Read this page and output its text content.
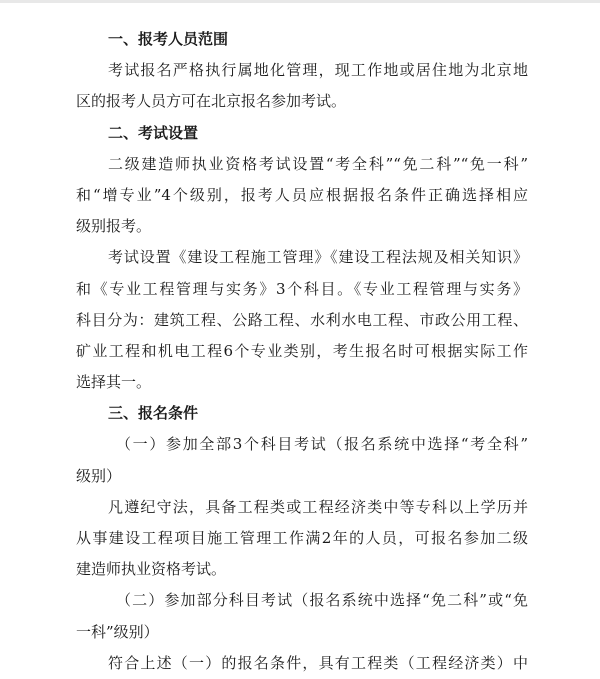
一、报考人员范围
考试报名严格执行属地化管理，现工作地或居住地为北京地
区的报考人员方可在北京报名参加考试。
二、考试设置
二级建造师执业资格考试设置“考全科”“免二科”“免一科”
和“增专业”4个级别，报考人员应根据报名条件正确选择相应
级别报考。
考试设置《建设工程施工管理》《建设工程法规及相关知识》
和《专业工程管理与实务》3个科目。《专业工程管理与实务》
科目分为：建筑工程、公路工程、水利水电工程、市政公用工程、
矿业工程和机电工程6个专业类别，考生报名时可根据实际工作
选择其一。
三、报名条件
（一）参加全部3个科目考试（报名系统中选择“考全科”
级别）
凡遵纪守法，具备工程类或工程经济类中等专科以上学历并
从事建设工程项目施工管理工作满2年的人员，可报名参加二级
建造师执业资格考试。
（二）参加部分科目考试（报名系统中选择“免二科”或“免
一科”级别）
符合上述（一）的报名条件，具有工程类（工程经济类）中
